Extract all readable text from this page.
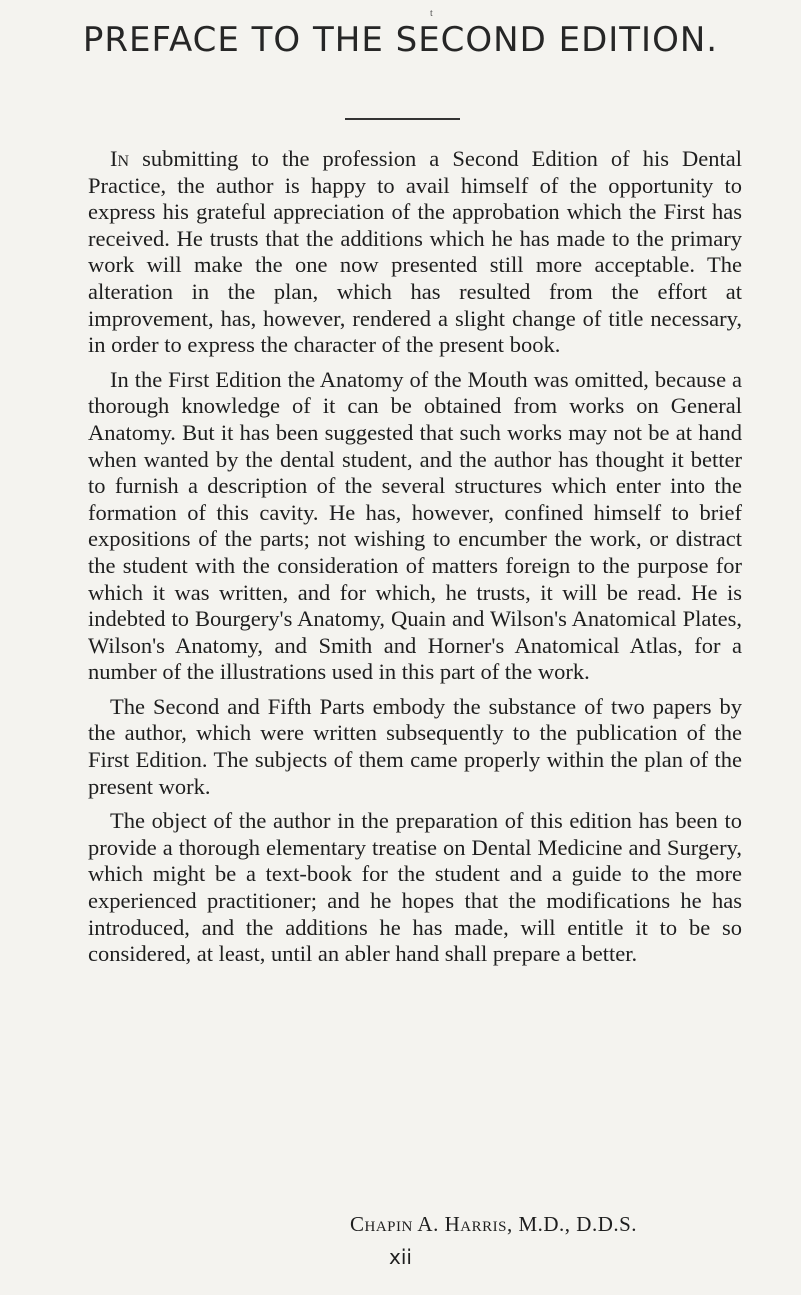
t
PREFACE TO THE SECOND EDITION.

In submitting to the profession a Second Edition of his Dental Practice, the author is happy to avail himself of the opportunity to express his grateful appreciation of the approbation which the First has received. He trusts that the additions which he has made to the primary work will make the one now presented still more acceptable. The alteration in the plan, which has resulted from the effort at improvement, has, however, rendered a slight change of title necessary, in order to express the character of the present book.

In the First Edition the Anatomy of the Mouth was omitted, because a thorough knowledge of it can be obtained from works on General Anatomy. But it has been suggested that such works may not be at hand when wanted by the dental student, and the author has thought it better to furnish a description of the several structures which enter into the formation of this cavity. He has, however, confined himself to brief expositions of the parts; not wishing to encumber the work, or distract the student with the consideration of matters foreign to the purpose for which it was written, and for which, he trusts, it will be read. He is indebted to Bourgery's Anatomy, Quain and Wilson's Anatomical Plates, Wilson's Anatomy, and Smith and Horner's Anatomical Atlas, for a number of the illustrations used in this part of the work.

The Second and Fifth Parts embody the substance of two papers by the author, which were written subsequently to the publication of the First Edition. The subjects of them came properly within the plan of the present work.

The object of the author in the preparation of this edition has been to provide a thorough elementary treatise on Dental Medicine and Surgery, which might be a text-book for the student and a guide to the more experienced practitioner; and he hopes that the modifications he has introduced, and the additions he has made, will entitle it to be so considered, at least, until an abler hand shall prepare a better.

Chapin A. Harris, M.D., D.D.S.
xii
